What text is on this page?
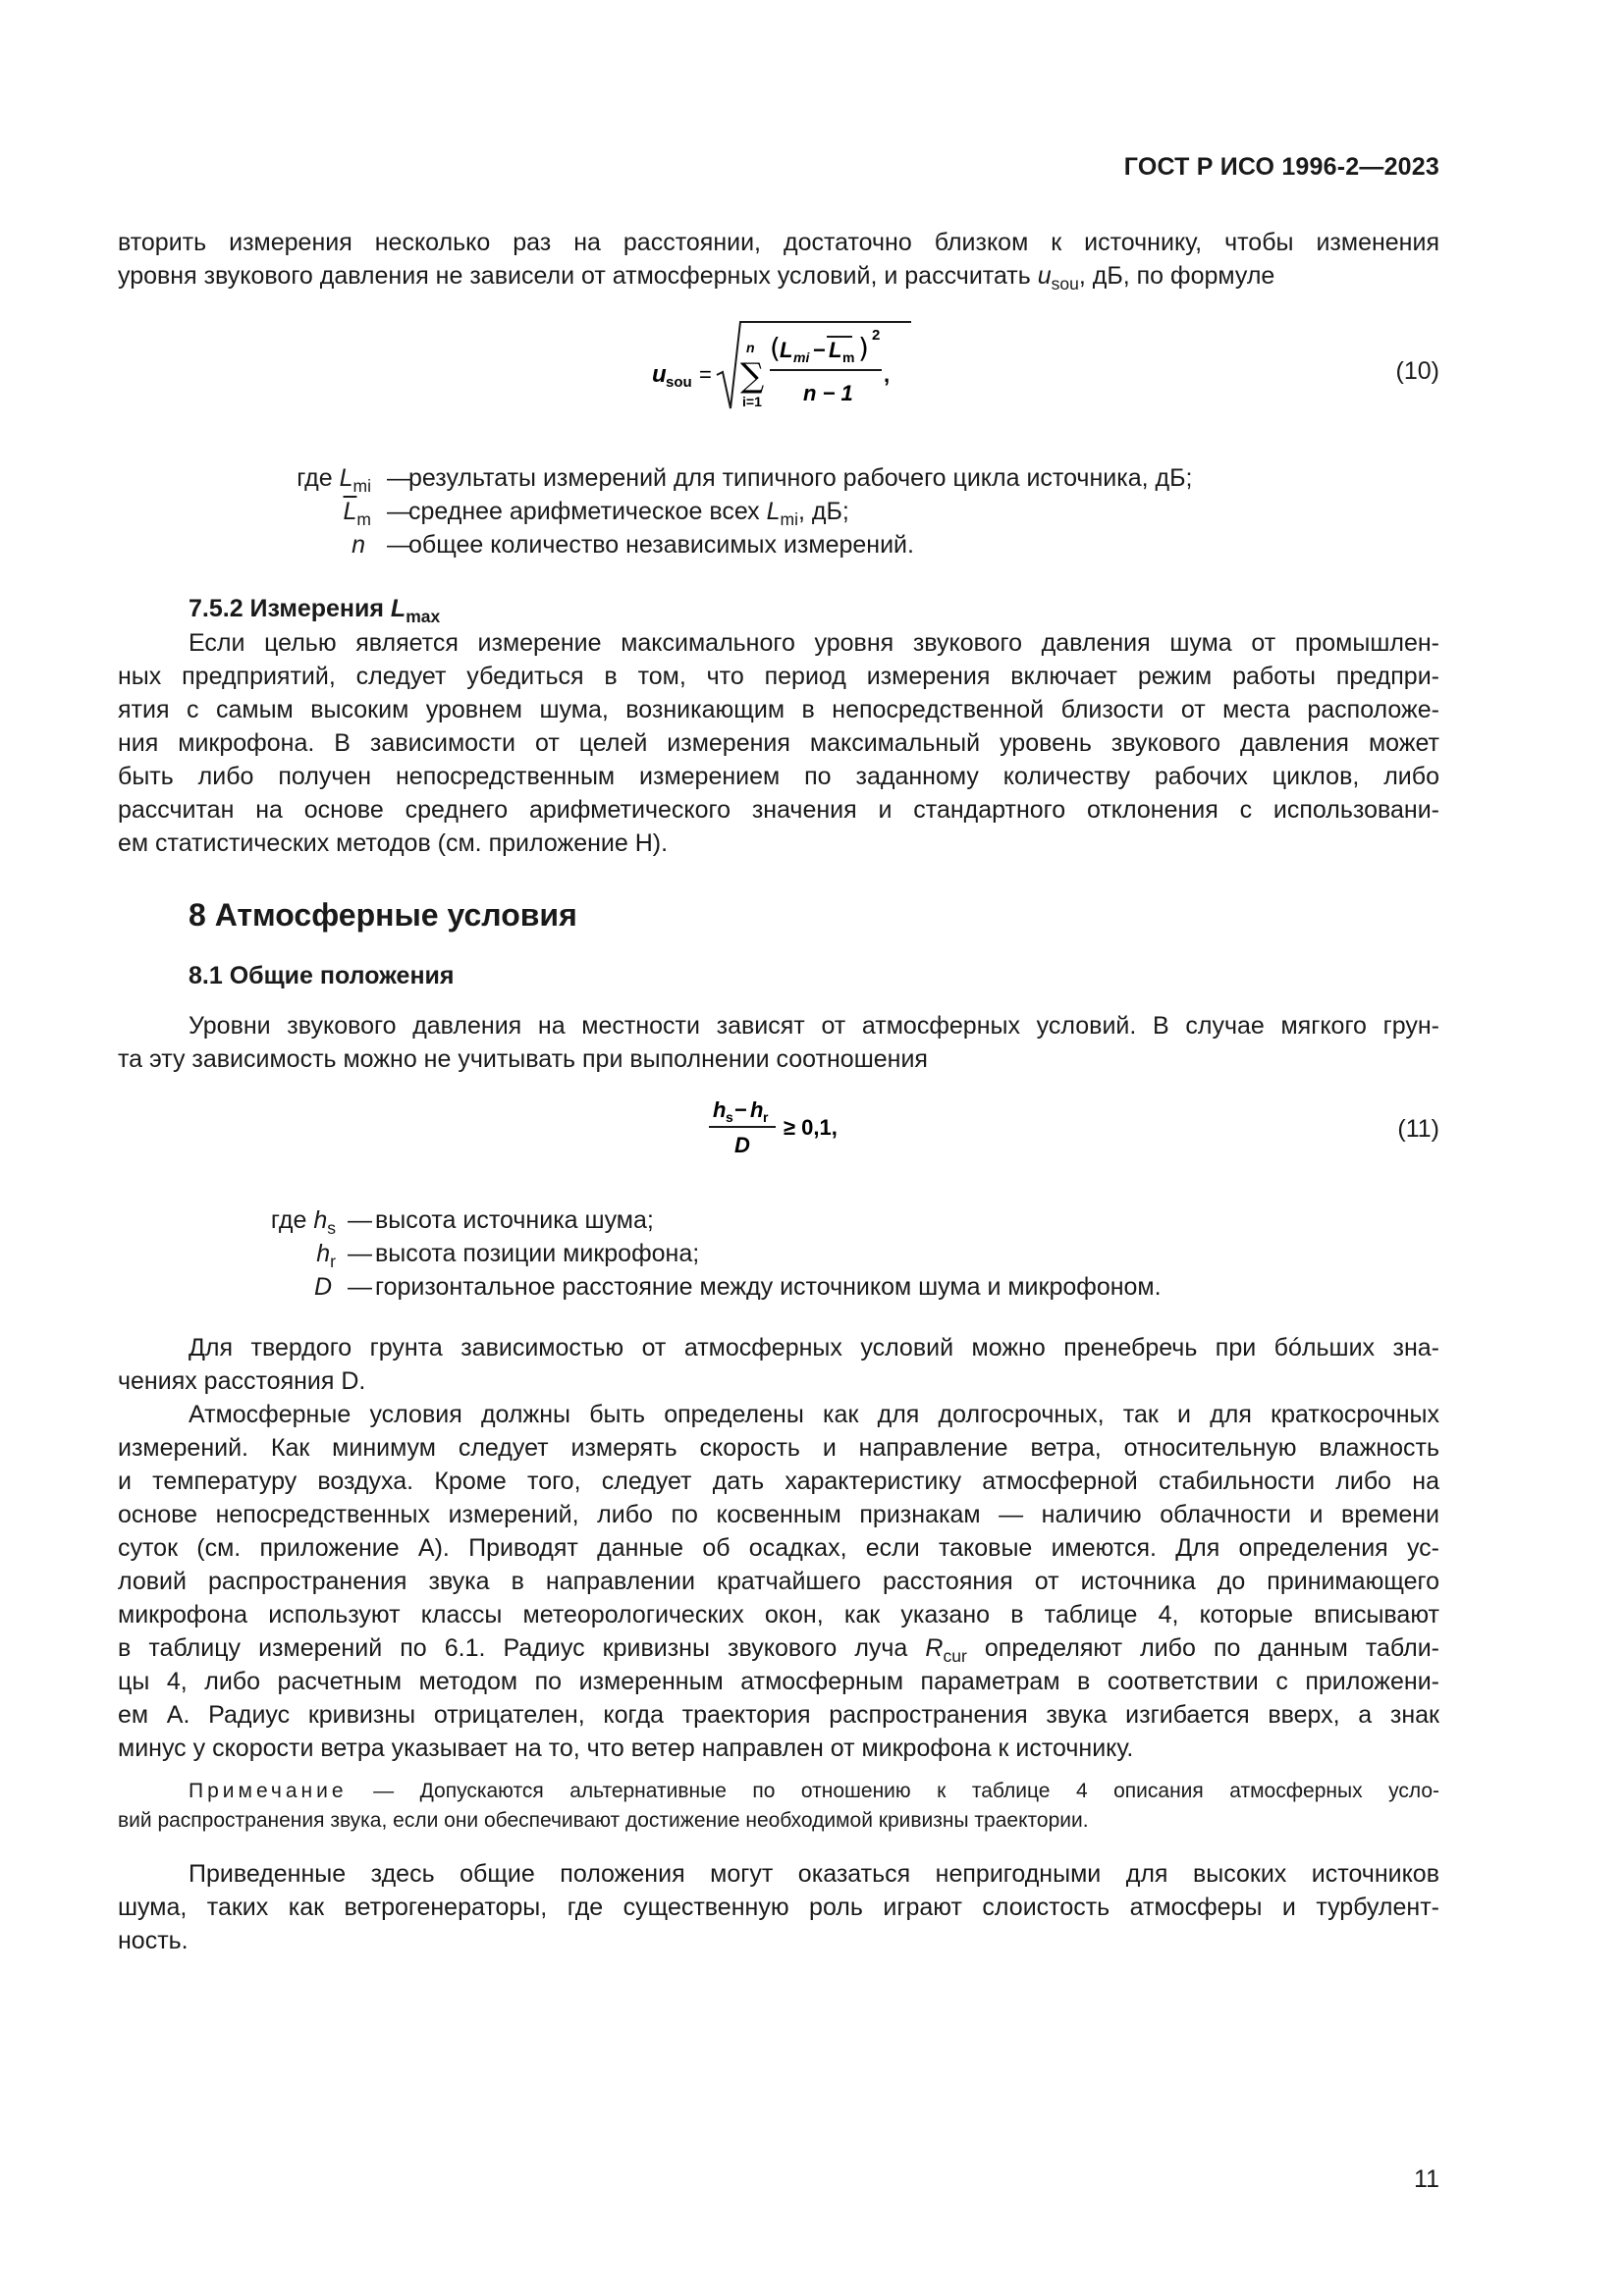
ГОСТ Р ИСО 1996-2—2023
вторить измерения несколько раз на расстоянии, достаточно близком к источнику, чтобы изменения
уровня звукового давления не зависели от атмосферных условий, и рассчитать $u_{sou}$, дБ, по формуле
u sou =
n
∑
i=1
( L mi − L m ) 2
n − 1
,	(10)
где $L_{mi}$ —
результаты измерений для типичного рабочего цикла источника, дБ;
$\overline{L}_m$ —
среднее арифметическое всех $L_{mi}$, дБ;
n —
общее количество независимых измерений.
7.5.2 Измерения $L_{max}$
Если целью является измерение максимального уровня звукового давления шума от промышлен-
ных предприятий, следует убедиться в том, что период измерения включает режим работы предпри-
ятия с самым высоким уровнем шума, возникающим в непосредственной близости от места расположе-
ния микрофона. В зависимости от целей измерения максимальный уровень звукового давления может
быть либо получен непосредственным измерением по заданному количеству рабочих циклов, либо
рассчитан на основе среднего арифметического значения и стандартного отклонения с использовани-
ем статистических методов (см. приложение Н).
8 Атмосферные условия
8.1 Общие положения
Уровни звукового давления на местности зависят от атмосферных условий. В случае мягкого грун-
та эту зависимость можно не учитывать при выполнении соотношения
h s − h r
D
≥ 0,1,	(11)
где $h_s$ — высота источника шума;
$h_r$ — высота позиции микрофона;
D — горизонтальное расстояние между источником шума и микрофоном.
Для твердого грунта зависимостью от атмосферных условий можно пренебречь при бóльших зна-
чениях расстояния D.
Атмосферные условия должны быть определены как для долгосрочных, так и для краткосрочных
измерений. Как минимум следует измерять скорость и направление ветра, относительную влажность
и температуру воздуха. Кроме того, следует дать характеристику атмосферной стабильности либо на
основе непосредственных измерений, либо по косвенным признакам — наличию облачности и времени
суток (см. приложение А). Приводят данные об осадках, если таковые имеются. Для определения ус-
ловий распространения звука в направлении кратчайшего расстояния от источника до принимающего
микрофона используют классы метеорологических окон, как указано в таблице 4, которые вписывают
в таблицу измерений по 6.1. Радиус кривизны звукового луча $R_{cur}$ определяют либо по данным табли-
цы 4, либо расчетным методом по измеренным атмосферным параметрам в соответствии с приложени-
ем А. Радиус кривизны отрицателен, когда траектория распространения звука изгибается вверх, а знак
минус у скорости ветра указывает на то, что ветер направлен от микрофона к источнику.
Примечание — Допускаются альтернативные по отношению к таблице 4 описания атмосферных усло-
вий распространения звука, если они обеспечивают достижение необходимой кривизны траектории.
Приведенные здесь общие положения могут оказаться непригодными для высоких источников
шума, таких как ветрогенераторы, где существенную роль играют слоистость атмосферы и турбулент-
ность.
11
